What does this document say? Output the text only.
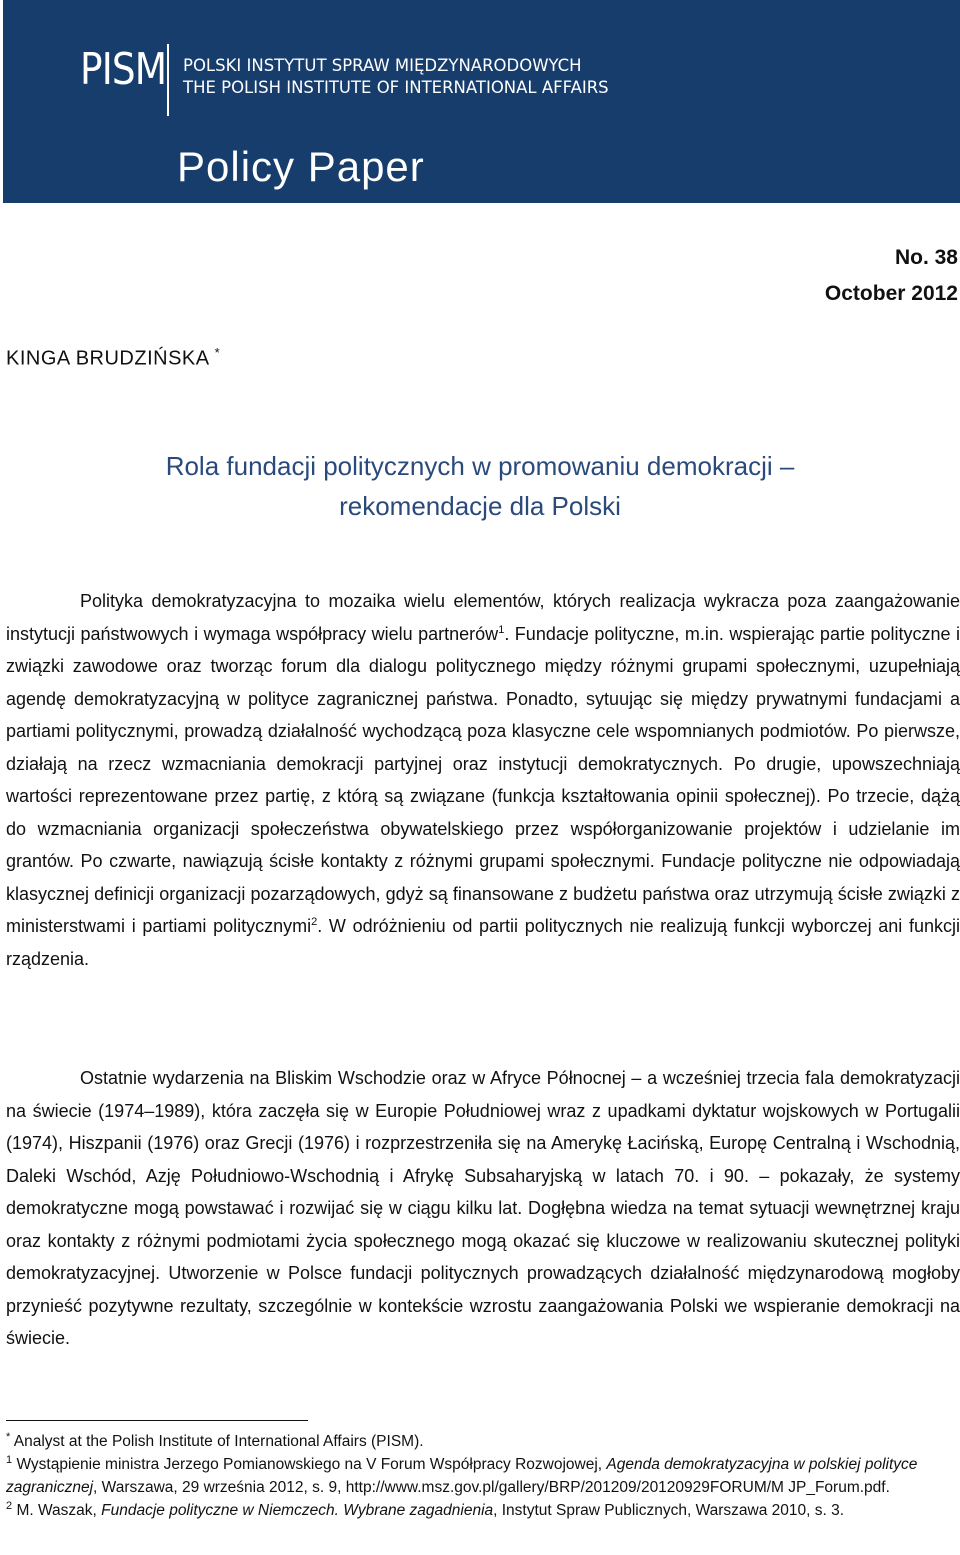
PISM POLSKI INSTYTUT SPRAW MIĘDZYNARODOWYCH
THE POLISH INSTITUTE OF INTERNATIONAL AFFAIRS
Policy Paper
No. 38
October 2012
KINGA BRUDZIŃSKA *
Rola fundacji politycznych w promowaniu demokracji –
rekomendacje dla Polski

Polityka demokratyzacyjna to mozaika wielu elementów, których realizacja wykracza poza zaangażowanie instytucji państwowych i wymaga współpracy wielu partnerów$^1$. Fundacje polityczne, m.in. wspierając partie polityczne i związki zawodowe oraz tworząc forum dla dialogu politycznego między różnymi grupami społecznymi, uzupełniają agendę demokratyzacyjną w polityce zagranicznej państwa. Ponadto, sytuując się między prywatnymi fundacjami a partiami politycznymi, prowadzą działalność wychodzącą poza klasyczne cele wspomnianych podmiotów. Po pierwsze, działają na rzecz wzmacniania demokracji partyjnej oraz instytucji demokratycznych. Po drugie, upowszechniają wartości reprezentowane przez partię, z którą są związane (funkcja kształtowania opinii społecznej). Po trzecie, dążą do wzmacniania organizacji społeczeństwa obywatelskiego przez współorganizowanie projektów i udzielanie im grantów. Po czwarte, nawiązują ścisłe kontakty z różnymi grupami społecznymi. Fundacje polityczne nie odpowiadają klasycznej definicji organizacji pozarządowych, gdyż są finansowane z budżetu państwa oraz utrzymują ścisłe związki z ministerstwami i partiami politycznymi$^2$. W odróżnieniu od partii politycznych nie realizują funkcji wyborczej ani funkcji rządzenia.

Ostatnie wydarzenia na Bliskim Wschodzie oraz w Afryce Północnej – a wcześniej trzecia fala demokratyzacji na świecie (1974–1989), która zaczęła się w Europie Południowej wraz z upadkami dyktatur wojskowych w Portugalii (1974), Hiszpanii (1976) oraz Grecji (1976) i rozprzestrzeniła się na Amerykę Łacińską, Europę Centralną i Wschodnią, Daleki Wschód, Azję Południowo-Wschodnią i Afrykę Subsaharyjską w latach 70. i 90. – pokazały, że systemy demokratyczne mogą powstawać i rozwijać się w ciągu kilku lat. Dogłębna wiedza na temat sytuacji wewnętrznej kraju oraz kontakty z różnymi podmiotami życia społecznego mogą okazać się kluczowe w realizowaniu skutecznej polityki demokratyzacyjnej. Utworzenie w Polsce fundacji politycznych prowadzących działalność międzynarodową mogłoby przynieść pozytywne rezultaty, szczególnie w kontekście wzrostu zaangażowania Polski we wspieranie demokracji na świecie.

* Analyst at the Polish Institute of International Affairs (PISM).

$^1$ Wystąpienie ministra Jerzego Pomianowskiego na V Forum Współpracy Rozwojowej, Agenda demokratyzacyjna w polskiej polityce zagranicznej, Warszawa, 29 września 2012, s. 9, http://www.msz.gov.pl/gallery/BRP/201209/20120929FORUM/M JP_Forum.pdf.

$^2$ M. Waszak, Fundacje polityczne w Niemczech. Wybrane zagadnienia, Instytut Spraw Publicznych, Warszawa 2010, s. 3.
